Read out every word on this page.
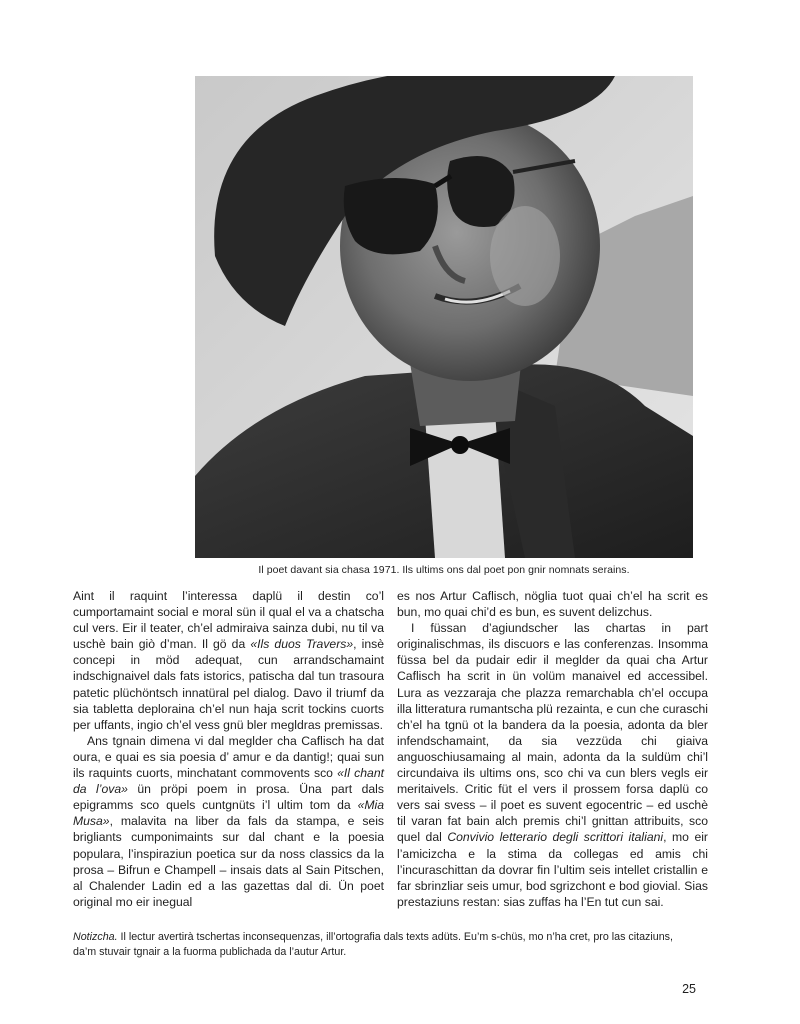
Il poet davant sia chasa 1971. Ils ultims ons dal poet pon gnir nomnats serains.

Aint il raquint l’interessa daplü il destin co’l cumportamaint social e moral sün il qual el va a chatscha cul vers. Eir il teater, ch’el admiraiva sainza dubi, nu til va uschè bain giò d’man. Il gö da «Ils duos Travers», insè concepi in möd adequat, cun arrandschamaint indschignaivel dals fats istorics, patischa dal tun trasoura patetic plüchöntsch innatüral pel dialog. Davo il triumf da sia tabletta deploraina ch’el nun haja scrit tockins cuorts per uffants, ingio ch’el vess gnü bler megldras premissas.

Ans tgnain dimena vi dal meglder cha Caflisch ha dat oura, e quai es sia poesia d’ amur e da dantig!; quai sun ils raquints cuorts, minchatant commovents sco «Il chant da l’ova» ün pröpi poem in prosa. Üna part dals epigramms sco quels cuntgnüts i’l ultim tom da «Mia Musa», malavita na liber da fals da stampa, e seis brigliants cumponimaints sur dal chant e la poesia populara, l’inspiraziun poetica sur da noss classics da la prosa – Bifrun e Champell – insais dats al Sain Pitschen, al Chalender Ladin ed a las gazettas dal di. Ün poet original mo eir inegual

es nos Artur Caflisch, nöglia tuot quai ch’el ha scrit es bun, mo quai chi’d es bun, es suvent delizchus.

I füssan d’agiundscher las chartas in part originalischmas, ils discuors e las conferenzas. Insomma füssa bel da pudair edir il meglder da quai cha Artur Caflisch ha scrit in ün volüm manaivel ed accessibel. Lura as vezzaraja che plazza remarchabla ch’el occupa illa litteratura rumantscha plü rezainta, e cun che curaschi ch’el ha tgnü ot la bandera da la poesia, adonta da bler infendschamaint, da sia vezzüda chi giaiva anguoschiusamaing al main, adonta da la suldüm chi’l circundaiva ils ultims ons, sco chi va cun blers vegls eir meritaivels. Critic füt el vers il prossem forsa daplü co vers sai svess – il poet es suvent egocentric – ed uschè til varan fat bain alch premis chi’l gnittan attribuits, sco quel dal Convivio letterario degli scrittori italiani, mo eir l’amicizcha e la stima da collegas ed amis chi l’incuraschittan da dovrar fin l’ultim seis intellet cristallin e far sbrinzliar seis umur, bod sgrizchont e bod giovial. Sias prestaziuns restan: sias zuffas ha l’En tut cun sai.

Notizcha. Il lectur avertirà tschertas inconsequenzas, ill’ortografia dals texts adüts. Eu’m s-chüs, mo n’ha cret, pro las citaziuns, da’m stuvair tgnair a la fuorma publichada da l’autur Artur.
25
